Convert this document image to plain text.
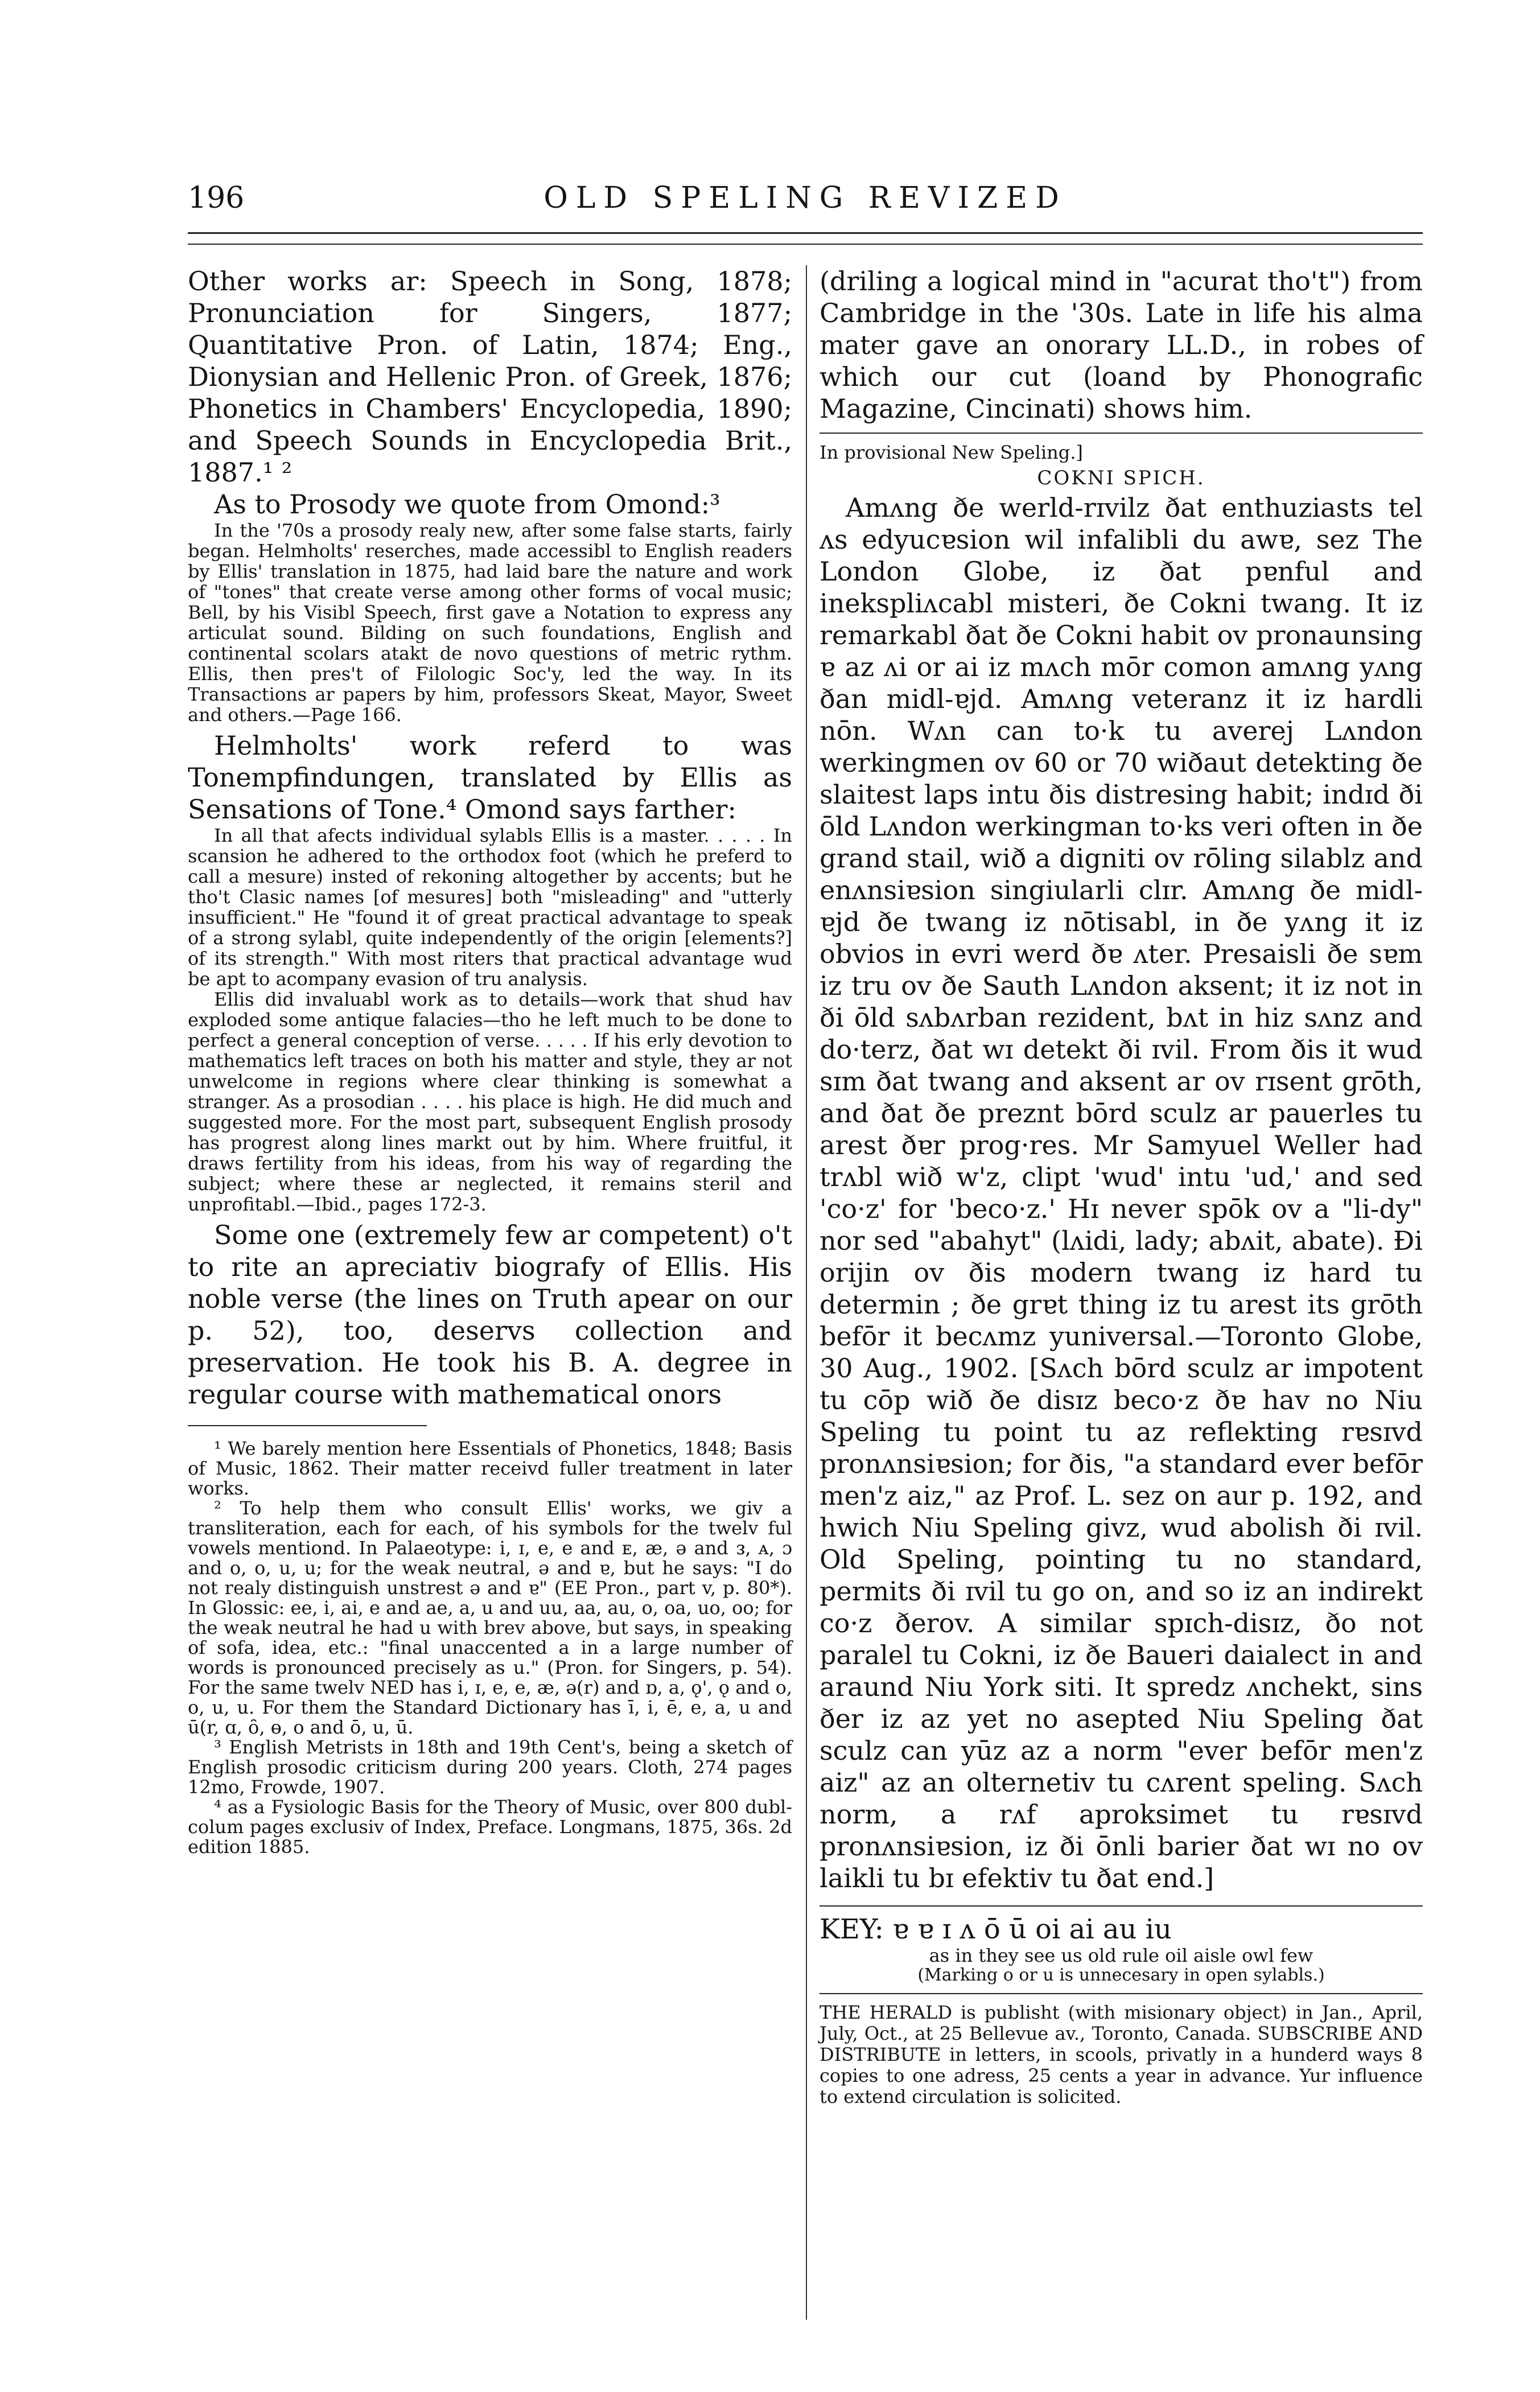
196	OLD SPELING REVIZED

Other works ar: Speech in Song, 1878; Pronunciation for Singers, 1877; Quantitative Pron. of Latin, 1874; Eng., Dionysian and Hellenic Pron. of Greek, 1876; Phonetics in Chambers' Encyclopedia, 1890; and Speech Sounds in Encyclopedia Brit., 1887.¹ ²

As to Prosody we quote from Omond:³

In the '70s a prosody realy new, after some false starts, fairly began. Helmholts' reserches, made accessibl to English readers by Ellis' translation in 1875, had laid bare the nature and work of "tones" that create verse among other forms of vocal music; Bell, by his Visibl Speech, first gave a Notation to express any articulat sound. Bilding on such foundations, English and continental scolars atakt de novo questions of metric rythm. Ellis, then pres't of Filologic Soc'y, led the way. In its Transactions ar papers by him, professors Skeat, Mayor, Sweet and others.—Page 166.

Helmholts' work referd to was Tonempfindungen, translated by Ellis as Sensations of Tone.⁴ Omond says farther:

In all that afects individual sylabls Ellis is a master. . . . . In scansion he adhered to the orthodox foot (which he preferd to call a mesure) insted of rekoning altogether by accents; but he tho't Clasic names [of mesures] both "misleading" and "utterly insufficient." He "found it of great practical advantage to speak of a strong sylabl, quite independently of the origin [elements?] of its strength." With most riters that practical advantage wud be apt to acompany evasion of tru analysis.

Ellis did invaluabl work as to details—work that shud hav exploded some antique falacies—tho he left much to be done to perfect a general conception of verse. . . . . If his erly devotion to mathematics left traces on both his matter and style, they ar not unwelcome in regions where clear thinking is somewhat a stranger. As a prosodian . . . . his place is high. He did much and suggested more. For the most part, subsequent English prosody has progrest along lines markt out by him. Where fruitful, it draws fertility from his ideas, from his way of regarding the subject; where these ar neglected, it remains steril and unprofitabl.—Ibid., pages 172-3.

Some one (extremely few ar competent) o't to rite an apreciativ biografy of Ellis. His noble verse (the lines on Truth apear on our p. 52), too, deservs collection and preservation. He took his B. A. degree in regular course with mathematical onors

¹ We barely mention here Essentials of Phonetics, 1848; Basis of Music, 1862. Their matter receivd fuller treatment in later works.

² To help them who consult Ellis' works, we giv a transliteration, each for each, of his symbols for the twelv ful vowels mentiond. In Palaeotype: i, ɪ, e, e and ᴇ, æ, ə and ᴈ, ᴀ, ɔ and o, o, u, u; for the weak neutral, ə and ɐ, but he says: "I do not realy distinguish unstrest ə and ɐ" (EE Pron., part v, p. 80*). In Glossic: ee, i, ai, e and ae, a, u and uu, aa, au, o, oa, uo, oo; for the weak neutral he had u with brev above, but says, in speaking of sofa, idea, etc.: "final unaccented a in a large number of words is pronounced precisely as u." (Pron. for Singers, p. 54). For the same twelv NED has i, ɪ, e, e, æ, ə(r) and ɒ, a, ǫ', ǫ and o, o, u, u. For them the Standard Dictionary has ī, i, ē, e, a, u and ū(r, ɑ, ȏ, ɵ, o and ō, u, ū.

³ English Metrists in 18th and 19th Cent's, being a sketch of English prosodic criticism during 200 years. Cloth, 274 pages 12mo, Frowde, 1907.

⁴ as a Fysiologic Basis for the Theory of Music, over 800 dubl-colum pages exclusiv of Index, Preface. Longmans, 1875, 36s. 2d edition 1885.

(driling a logical mind in "acurat tho't") from Cambridge in the '30s. Late in life his alma mater gave an onorary LL.D., in robes of which our cut (loand by Phonografic Magazine, Cincinati) shows him.

In provisional New Speling.]

COKNI SPICH.

Amʌng ðe werld-rɪvilz ðat enthuziasts tel ʌs edyucɐsion wil infalibli du awɐ, sez The London Globe, iz ðat pɐnful and inekspliʌcabl misteri, ðe Cokni twang. It iz remarkabl ðat ðe Cokni habit ov pronaunsing ɐ az ʌi or ai iz mʌch mōr comon amʌng yʌng ðan midl-ɐjd. Amʌng veteranz it iz hardli nōn. Wʌn can to·k tu averej Lʌndon werkingmen ov 60 or 70 wiðaut detekting ðe slaitest laps intu ðis distresing habit; indɪd ði ōld Lʌndon werkingman to·ks veri often in ðe grand stail, wið a digniti ov rōling silablz and enʌnsiɐsion singiularli clɪr. Amʌng ðe midl-ɐjd ðe twang iz nōtisabl, in ðe yʌng it iz obvios in evri werd ðɐ ʌter. Presaisli ðe sɐm iz tru ov ðe Sauth Lʌndon aksent; it iz not in ði ōld sʌbʌrban rezident, bʌt in hiz sʌnz and do·terz, ðat wɪ detekt ði ɪvil. From ðis it wud sɪm ðat twang and aksent ar ov rɪsent grōth, and ðat ðe preznt bōrd sculz ar pauerles tu arest ðɐr prog·res. Mr Samyuel Weller had trʌbl wið w'z, clipt 'wud' intu 'ud,' and sed 'co·z' for 'beco·z.' Hɪ never spōk ov a "li-dy" nor sed "abahyt" (lʌidi, lady; abʌit, abate). Ði orijin ov ðis modern twang iz hard tu determin ; ðe grɐt thing iz tu arest its grōth befōr it becʌmz yuniversal.—Toronto Globe, 30 Aug., 1902. [Sʌch bōrd sculz ar impotent tu cōp wið ðe disɪz beco·z ðɐ hav no Niu Speling tu point tu az reflekting rɐsɪvd pronʌnsiɐsion; for ðis, "a standard ever befōr men'z aiz," az Prof. L. sez on aur p. 192, and hwich Niu Speling givz, wud abolish ði ɪvil. Old Speling, pointing tu no standard, permits ði ɪvil tu go on, and so iz an indirekt co·z ðerov. A similar spɪch-disɪz, ðo not paralel tu Cokni, iz ðe Baueri daialect in and araund Niu York siti. It spredz ʌnchekt, sins ðer iz az yet no asepted Niu Speling ðat sculz can yūz az a norm "ever befōr men'z aiz" az an olternetiv tu cʌrent speling. Sʌch norm, a rʌf aproksimet tu rɐsɪvd pronʌnsiɐsion, iz ði ōnli barier ðat wɪ no ov laikli tu bɪ efektiv tu ðat end.]

KEY: ɐ ɐ ɪ ʌ ō ū oi ai au iu
as in they see us old rule oil aisle owl few
(Marking o or u is unnecesary in open sylabls.)

THE HERALD is publisht (with misionary object) in Jan., April, July, Oct., at 25 Bellevue av., Toronto, Canada. SUBSCRIBE AND DISTRIBUTE in letters, in scools, privatly in a hunderd ways 8 copies to one adress, 25 cents a year in advance. Yur influence to extend circulation is solicited.
